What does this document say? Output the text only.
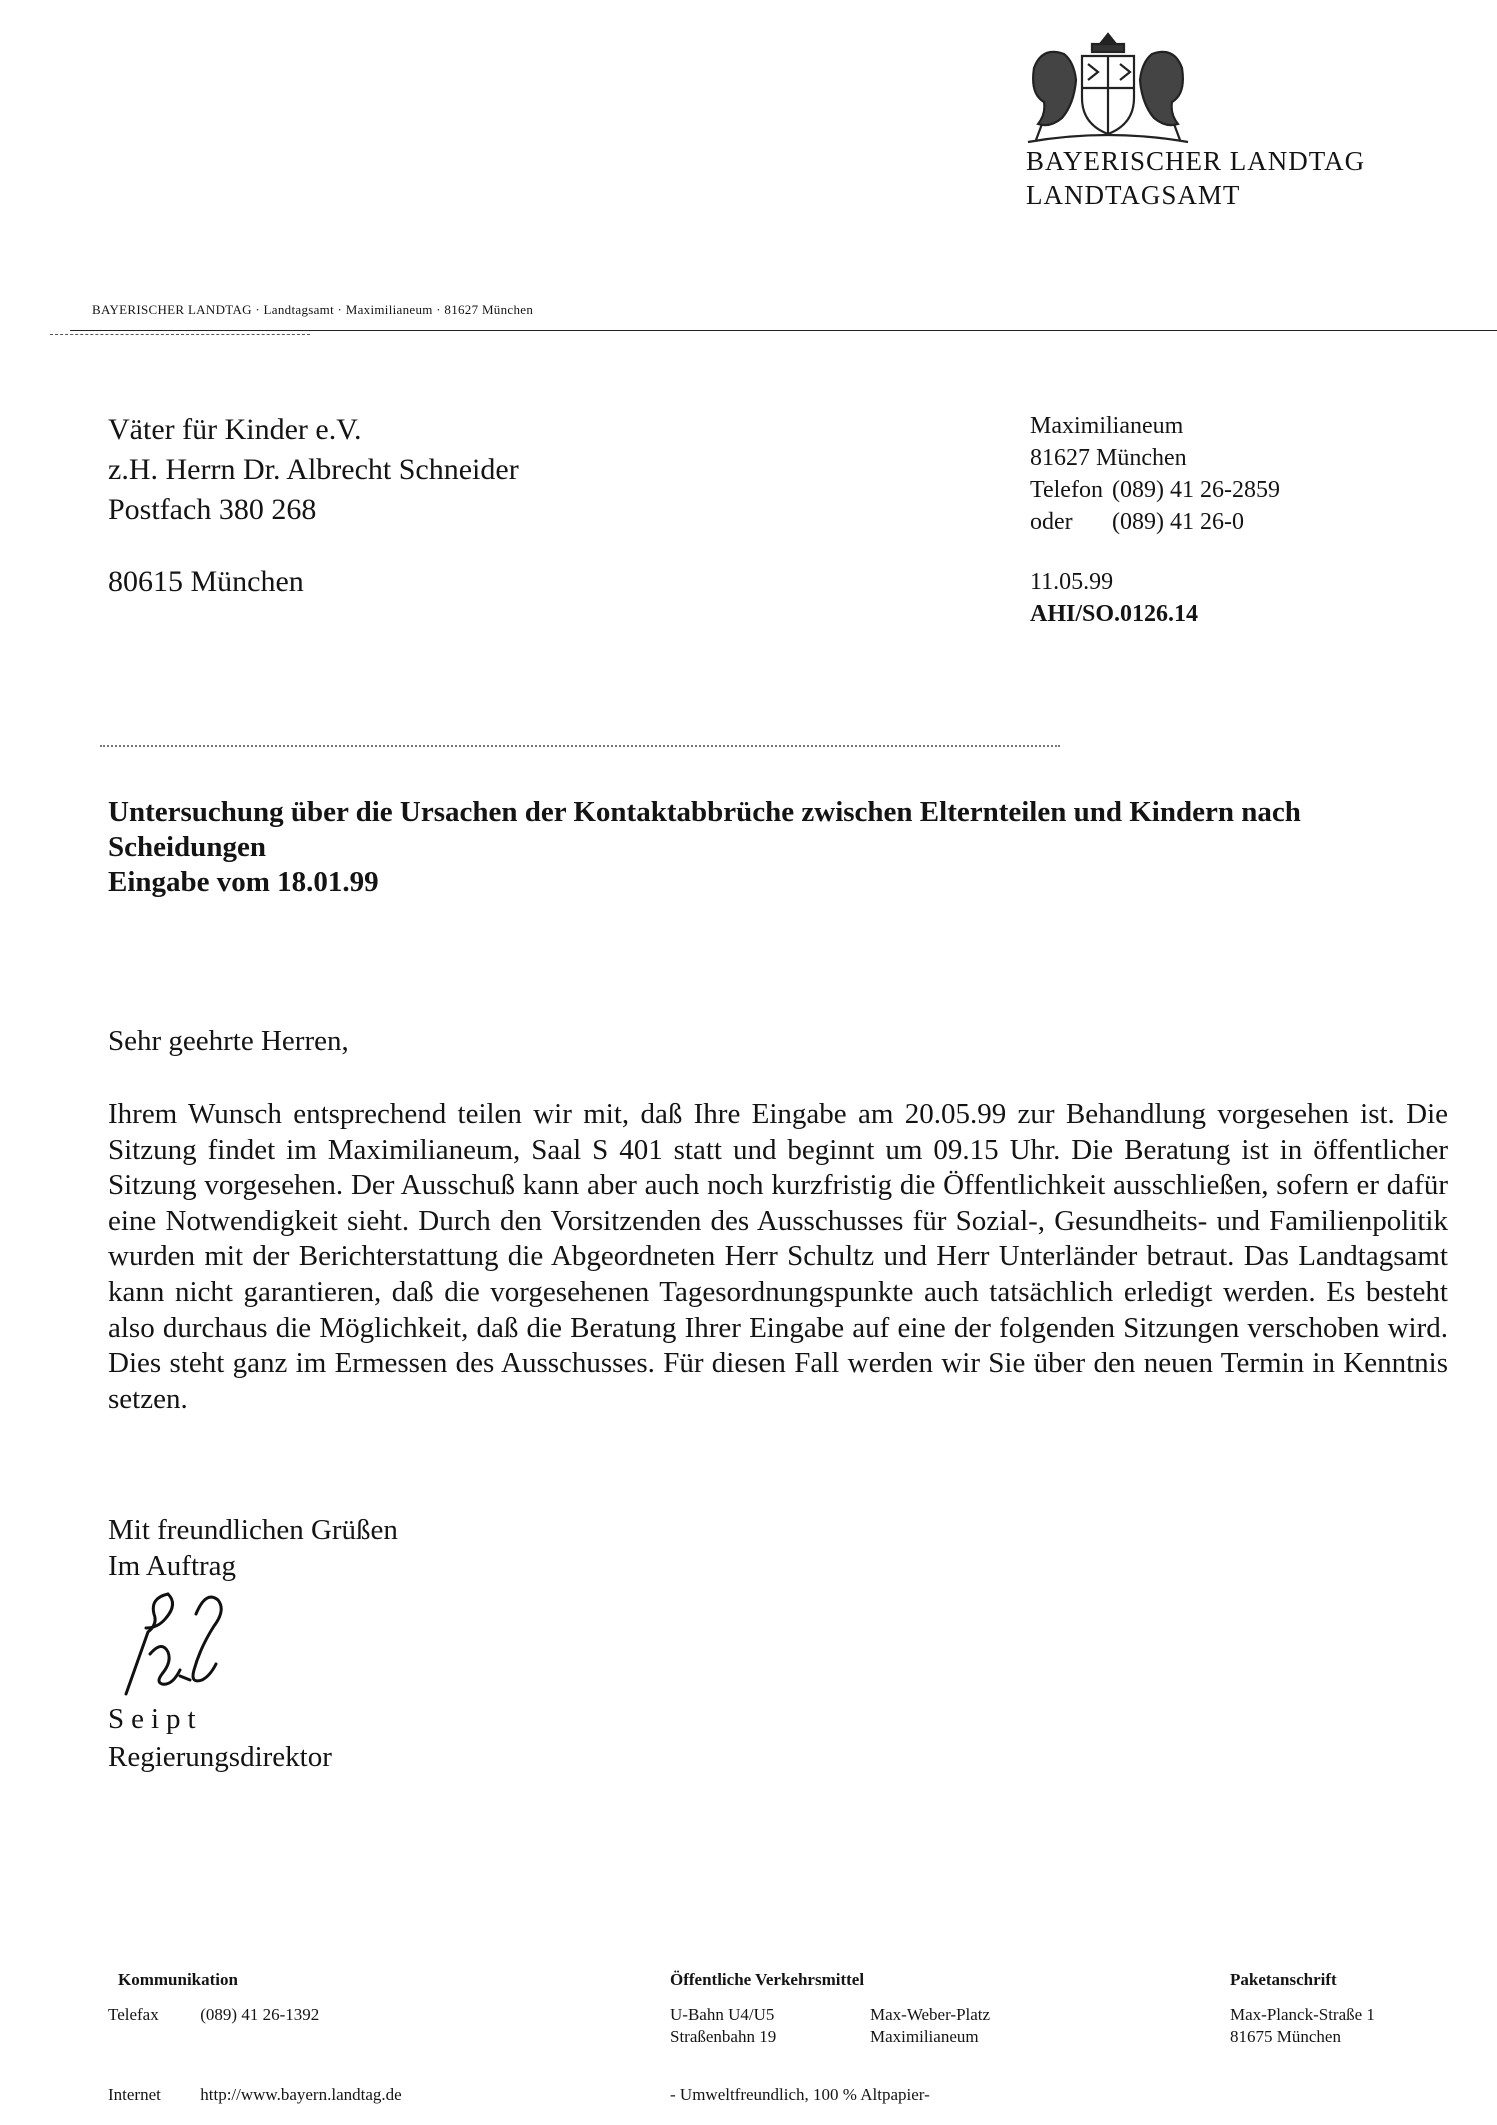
BAYERISCHER LANDTAG
LANDTAGSAMT
BAYERISCHER LANDTAG · Landtagsamt · Maximilianeum · 81627 München
Väter für Kinder e.V.
z.H. Herrn Dr. Albrecht Schneider
Postfach 380 268
80615 München
Maximilianeum
81627 München
Telefon (089) 41 26-2859
oder	(089) 41 26-0
11.05.99
AHI/SO.0126.14
Untersuchung über die Ursachen der Kontaktabbrüche zwischen Elternteilen und Kindern nach Scheidungen
Eingabe vom 18.01.99
Sehr geehrte Herren,
Ihrem Wunsch entsprechend teilen wir mit, daß Ihre Eingabe am 20.05.99 zur Behandlung vorgesehen ist. Die Sitzung findet im Maximilianeum, Saal S 401 statt und beginnt um 09.15 Uhr. Die Beratung ist in öffentlicher Sitzung vorgesehen. Der Ausschuß kann aber auch noch kurzfristig die Öffentlichkeit ausschließen, sofern er dafür eine Notwendigkeit sieht. Durch den Vorsitzenden des Ausschusses für Sozial-, Gesundheits- und Familienpolitik wurden mit der Berichterstattung die Abgeordneten Herr Schultz und Herr Unterländer betraut. Das Landtagsamt kann nicht garantieren, daß die vorgesehenen Tagesordnungspunkte auch tatsächlich erledigt werden. Es besteht also durchaus die Möglichkeit, daß die Beratung Ihrer Eingabe auf eine der folgenden Sitzungen verschoben wird. Dies steht ganz im Ermessen des Ausschusses. Für diesen Fall werden wir Sie über den neuen Termin in Kenntnis setzen.
Mit freundlichen Grüßen
Im Auftrag
Seipt
Regierungsdirektor
Kommunikation
Telefax (089) 41 26-1392
Internet http://www.bayern.landtag.de
Öffentliche Verkehrsmittel
U-Bahn U4/U5	Max-Weber-Platz
Straßenbahn 19	Maximilianeum
- Umweltfreundlich, 100 % Altpapier-
Paketanschrift
Max-Planck-Straße 1
81675 München
